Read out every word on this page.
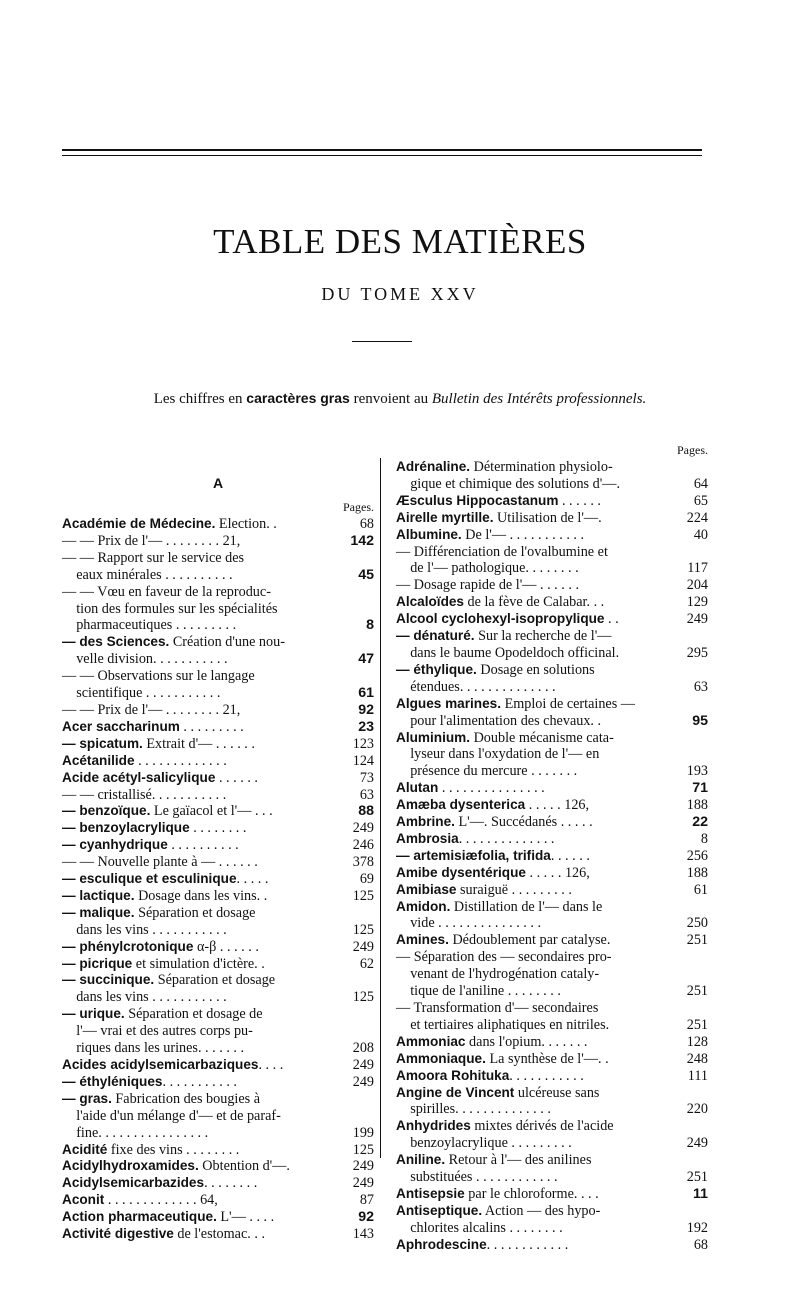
TABLE DES MATIÈRES
DU TOME XXV
Les chiffres en caractères gras renvoient au Bulletin des Intérêts professionnels.
A
Pages.
Académie de Médecine. Election. .	68
— — Prix de l'— . . . . . . . . 21,	142
— — Rapport sur le service des
eaux minérales . . . . . . . . . .	45
— — Vœu en faveur de la reproduc-
tion des formules sur les spécialités
pharmaceutiques . . . . . . . . .	8
— des Sciences. Création d'une nou-
velle division. . . . . . . . . . .	47
— — Observations sur le langage
scientifique . . . . . . . . . . .	61
— — Prix de l'— . . . . . . . . 21,	92
Acer saccharinum . . . . . . . . .	23
— spicatum. Extrait d'— . . . . . .	123
Acétanilide . . . . . . . . . . . . .	124
Acide acétyl-salicylique . . . . . .	73
— — cristallisé. . . . . . . . . . .	63
— benzoïque. Le gaïacol et l'— . . .	88
— benzoylacrylique . . . . . . . .	249
— cyanhydrique . . . . . . . . . .	246
— — Nouvelle plante à — . . . . . .	378
— esculique et esculinique. . . . .	69
— lactique. Dosage dans les vins. .	125
— malique. Séparation et dosage
dans les vins . . . . . . . . . . .	125
— phénylcrotonique α-β . . . . . .	249
— picrique et simulation d'ictère. .	62
— succinique. Séparation et dosage
dans les vins . . . . . . . . . . .	125
— urique. Séparation et dosage de
l'— vrai et des autres corps pu-
riques dans les urines. . . . . . .	208
Acides acidylsemicarbaziques. . . .	249
— éthyléniques. . . . . . . . . . .	249
— gras. Fabrication des bougies à
l'aide d'un mélange d'— et de paraf-
fine. . . . . . . . . . . . . . . .	199
Acidité fixe des vins . . . . . . . .	125
Acidylhydroxamides. Obtention d'—.	249
Acidylsemicarbazides. . . . . . . .	249
Aconit . . . . . . . . . . . . . 64,	87
Action pharmaceutique. L'— . . . .	92
Activité digestive de l'estomac. . .	143
Pages.
Adrénaline. Détermination physiolo-
gique et chimique des solutions d'—.	64
Æsculus Hippocastanum . . . . . .	65
Airelle myrtille. Utilisation de l'—.	224
Albumine. De l'— . . . . . . . . . . .	40
— Différenciation de l'ovalbumine et
de l'— pathologique. . . . . . . .	117
— Dosage rapide de l'— . . . . . .	204
Alcaloïdes de la fève de Calabar. . .	129
Alcool cyclohexyl-isopropylique . .	249
— dénaturé. Sur la recherche de l'—
dans le baume Opodeldoch officinal.	295
— éthylique. Dosage en solutions
étendues. . . . . . . . . . . . . .	63
Algues marines. Emploi de certaines —
pour l'alimentation des chevaux. .	95
Aluminium. Double mécanisme cata-
lyseur dans l'oxydation de l'— en
présence du mercure . . . . . . .	193
Alutan . . . . . . . . . . . . . . .	71
Amæba dysenterica . . . . . 126,	188
Ambrine. L'—. Succédanés . . . . .	22
Ambrosia. . . . . . . . . . . . . .	8
— artemisiæfolia, trifida. . . . . .	256
Amibe dysentérique . . . . . 126,	188
Amibiase suraiguë . . . . . . . . .	61
Amidon. Distillation de l'— dans le
vide . . . . . . . . . . . . . . .	250
Amines. Dédoublement par catalyse.	251
— Séparation des — secondaires pro-
venant de l'hydrogénation cataly-
tique de l'aniline . . . . . . . .	251
— Transformation d'— secondaires
et tertiaires aliphatiques en nitriles.	251
Ammoniac dans l'opium. . . . . . .	128
Ammoniaque. La synthèse de l'—. .	248
Amoora Rohituka. . . . . . . . . . .	111
Angine de Vincent ulcéreuse sans
spirilles. . . . . . . . . . . . . .	220
Anhydrides mixtes dérivés de l'acide
benzoylacrylique . . . . . . . . .	249
Aniline. Retour à l'— des anilines
substituées . . . . . . . . . . . .	251
Antisepsie par le chloroforme. . . .	11
Antiseptique. Action — des hypo-
chlorites alcalins . . . . . . . .	192
Aphrodescine. . . . . . . . . . . .	68
